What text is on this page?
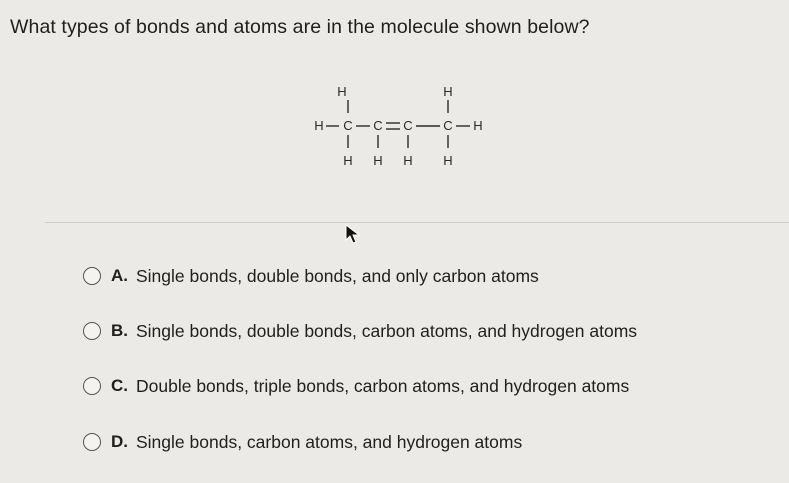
What types of bonds and atoms are in the molecule shown below?
H	H
H C C C C H
H H H H
A. Single bonds, double bonds, and only carbon atoms
B. Single bonds, double bonds, carbon atoms, and hydrogen atoms
C. Double bonds, triple bonds, carbon atoms, and hydrogen atoms
D. Single bonds, carbon atoms, and hydrogen atoms
